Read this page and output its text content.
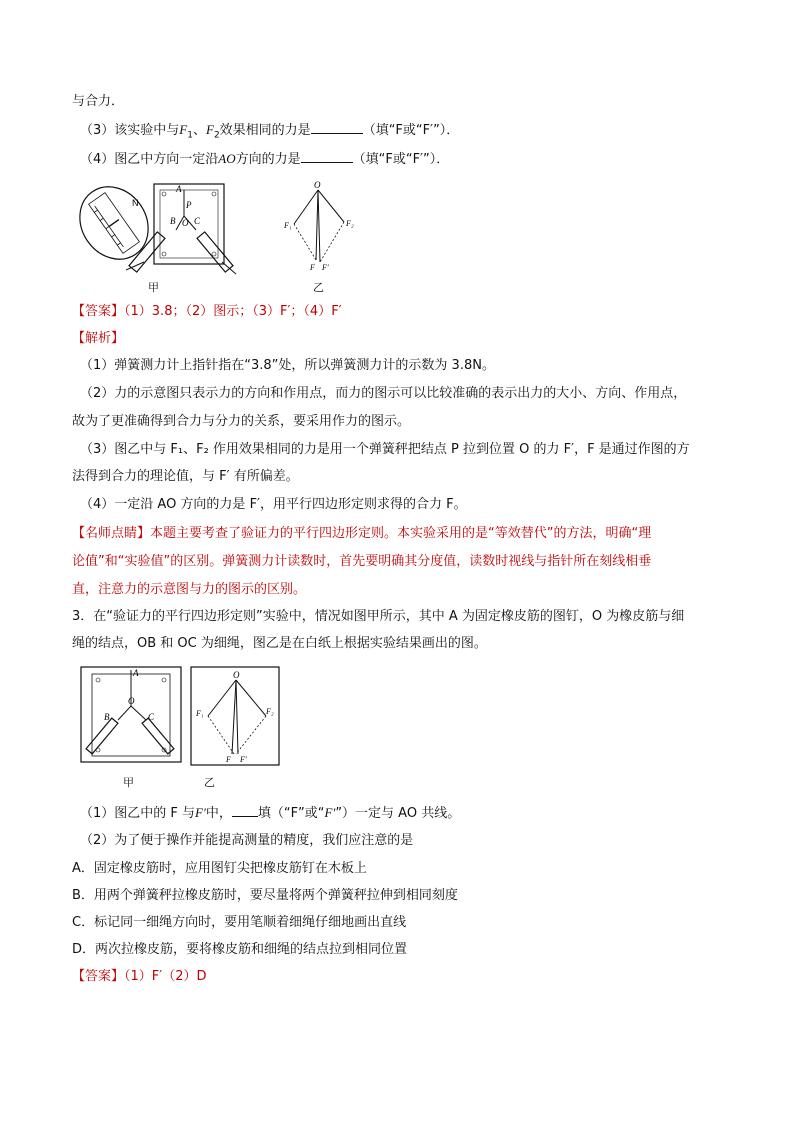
与合力．
（3）该实验中与$F_1$、$F_2$效果相同的力是	（填“F或“F′”）．
（4）图乙中方向一定沿AO方向的力是	（填“F或“F′”）．
A
P
B O C
N
甲
O
F₁	F₂
F F′
乙
【答案】（1）3.8；（2）图示；（3）F′；（4）F′
【解析】
（1）弹簧测力计上指针指在“3.8”处，所以弹簧测力计的示数为 3.8N。
（2）力的示意图只表示力的方向和作用点，而力的图示可以比较准确的表示出力的大小、方向、作用点，
故为了更准确得到合力与分力的关系，要采用作力的图示。
（3）图乙中与 F₁、F₂ 作用效果相同的力是用一个弹簧秤把结点 P 拉到位置 O 的力 F′，F 是通过作图的方
法得到合力的理论值，与 F′ 有所偏差。
（4）一定沿 AO 方向的力是 F′，用平行四边形定则求得的合力 F。
【名师点睛】本题主要考查了验证力的平行四边形定则。本实验采用的是“等效替代”的方法，明确“理
论值”和“实验值”的区别。弹簧测力计读数时，首先要明确其分度值，读数时视线与指针所在刻线相垂
直，注意力的示意图与力的图示的区别。
3．在“验证力的平行四边形定则”实验中，情况如图甲所示，其中 A 为固定橡皮筋的图钉，O 为橡皮筋与细
绳的结点，OB 和 OC 为细绳，图乙是在白纸上根据实验结果画出的图。
A
O
B	C
甲
O
F₁	F₂
F F′
乙
（1）图乙中的 F 与F′中， 填（“F”或“F′”）一定与 AO 共线。
（2）为了便于操作并能提高测量的精度，我们应注意的是
A．固定橡皮筋时，应用图钉尖把橡皮筋钉在木板上
B．用两个弹簧秤拉橡皮筋时，要尽量将两个弹簧秤拉伸到相同刻度
C．标记同一细绳方向时，要用笔顺着细绳仔细地画出直线
D．两次拉橡皮筋，要将橡皮筋和细绳的结点拉到相同位置
【答案】（1）F′（2）D
